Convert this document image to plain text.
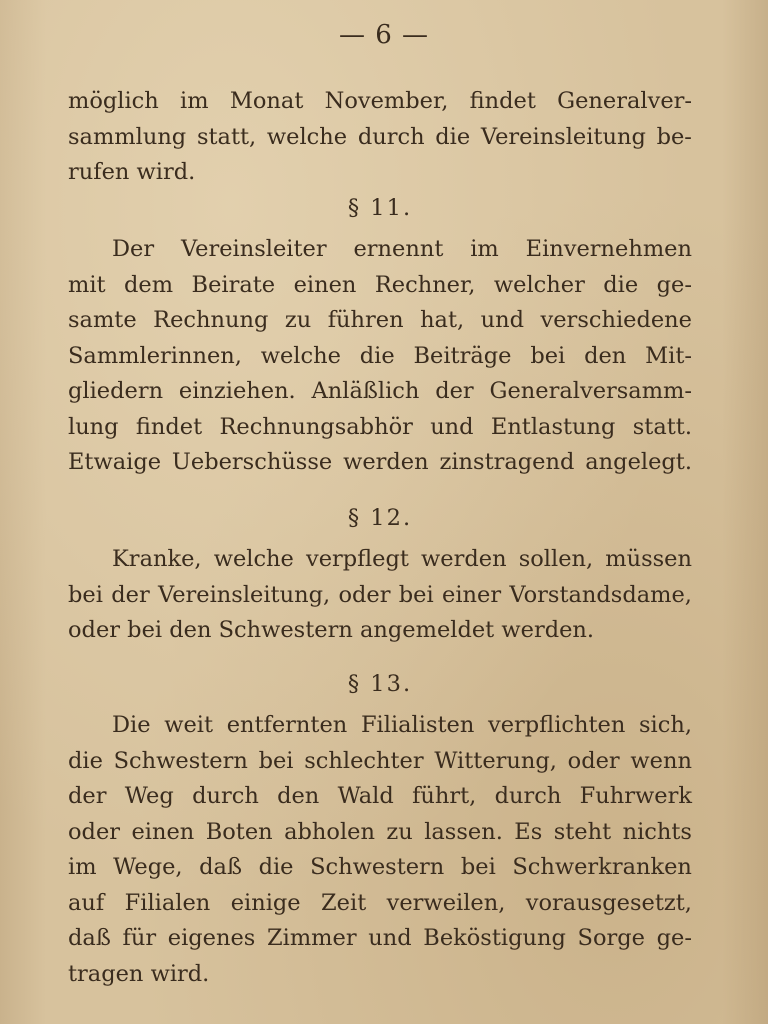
— 6 —
möglich im Monat November, findet Generalver-
sammlung statt, welche durch die Vereinsleitung be-
rufen wird.
§ 11.
Der Vereinsleiter ernennt im Einvernehmen
mit dem Beirate einen Rechner, welcher die ge-
samte Rechnung zu führen hat, und verschiedene
Sammlerinnen, welche die Beiträge bei den Mit-
gliedern einziehen. Anläßlich der Generalversamm-
lung findet Rechnungsabhör und Entlastung statt.
Etwaige Ueberschüsse werden zinstragend angelegt.
§ 12.
Kranke, welche verpflegt werden sollen, müssen
bei der Vereinsleitung, oder bei einer Vorstandsdame,
oder bei den Schwestern angemeldet werden.
§ 13.
Die weit entfernten Filialisten verpflichten sich,
die Schwestern bei schlechter Witterung, oder wenn
der Weg durch den Wald führt, durch Fuhrwerk
oder einen Boten abholen zu lassen. Es steht nichts
im Wege, daß die Schwestern bei Schwerkranken
auf Filialen einige Zeit verweilen, vorausgesetzt,
daß für eigenes Zimmer und Beköstigung Sorge ge-
tragen wird.
